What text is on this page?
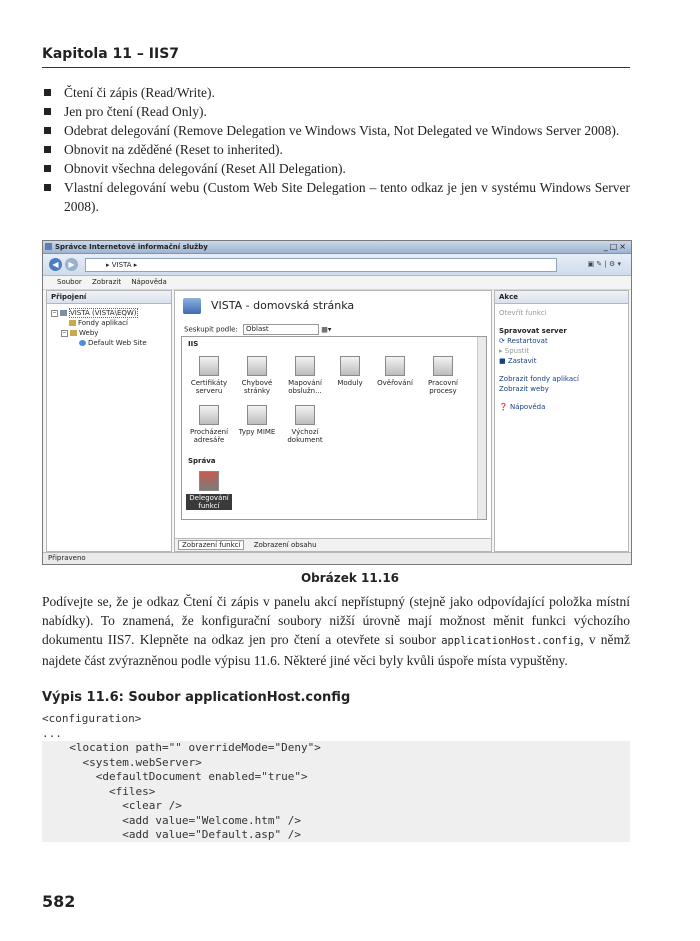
Kapitola 11 – IIS7
Čtení či zápis (Read/Write).
Jen pro čtení (Read Only).
Odebrat delegování (Remove Delegation ve Windows Vista, Not Delegated ve Windows Server 2008).
Obnovit na zděděné (Reset to inherited).
Obnovit všechna delegování (Reset All Delegation).
Vlastní delegování webu (Custom Web Site Delegation – tento odkaz je jen v systému Windows Server 2008).
Správce Internetové informační služby	_□×
◀	▶	▸ VISTA ▸	▣ ✎ | ⚙ ▾
Soubor Zobrazit Nápověda
Připojení
− VISTA (VISTA\EQW)
Fondy aplikací
− Weby
Default Web Site
VISTA - domovská stránka
Seskupit podle: Oblast	▦▾
IIS
Certifikáty serveru
Chybové stránky
Mapování obslužn...
Moduly	Ověřování	Pracovní procesy
Procházení adresáře
Typy MIME	Výchozí dokument
Správa
Delegování funkcí
Zobrazení funkcí Zobrazení obsahu
Akce
Otevřít funkci
Spravovat server
⟳ Restartovat
▸ Spustit
■ Zastavit
Zobrazit fondy aplikací
Zobrazit weby
❓ Nápověda
Připraveno
Obrázek 11.16

Podívejte se, že je odkaz Čtení či zápis v panelu akcí nepřístupný (stejně jako odpovídající položka místní nabídky). To znamená, že konfigurační soubory nižší úrovně mají možnost měnit funkci výchozího dokumentu IIS7. Klepněte na odkaz jen pro čtení a otevřete si soubor applicationHost.config, v němž najdete část zvýrazněnou podle výpisu 11.6. Některé jiné věci byly kvůli úspoře místa vypuštěny.

Výpis 11.6: Soubor applicationHost.config
<configuration>
...
<location path="" overrideMode="Deny">
<system.webServer>
<defaultDocument enabled="true">
<files>
<clear />
<add value="Welcome.htm" />
<add value="Default.asp" />
582
